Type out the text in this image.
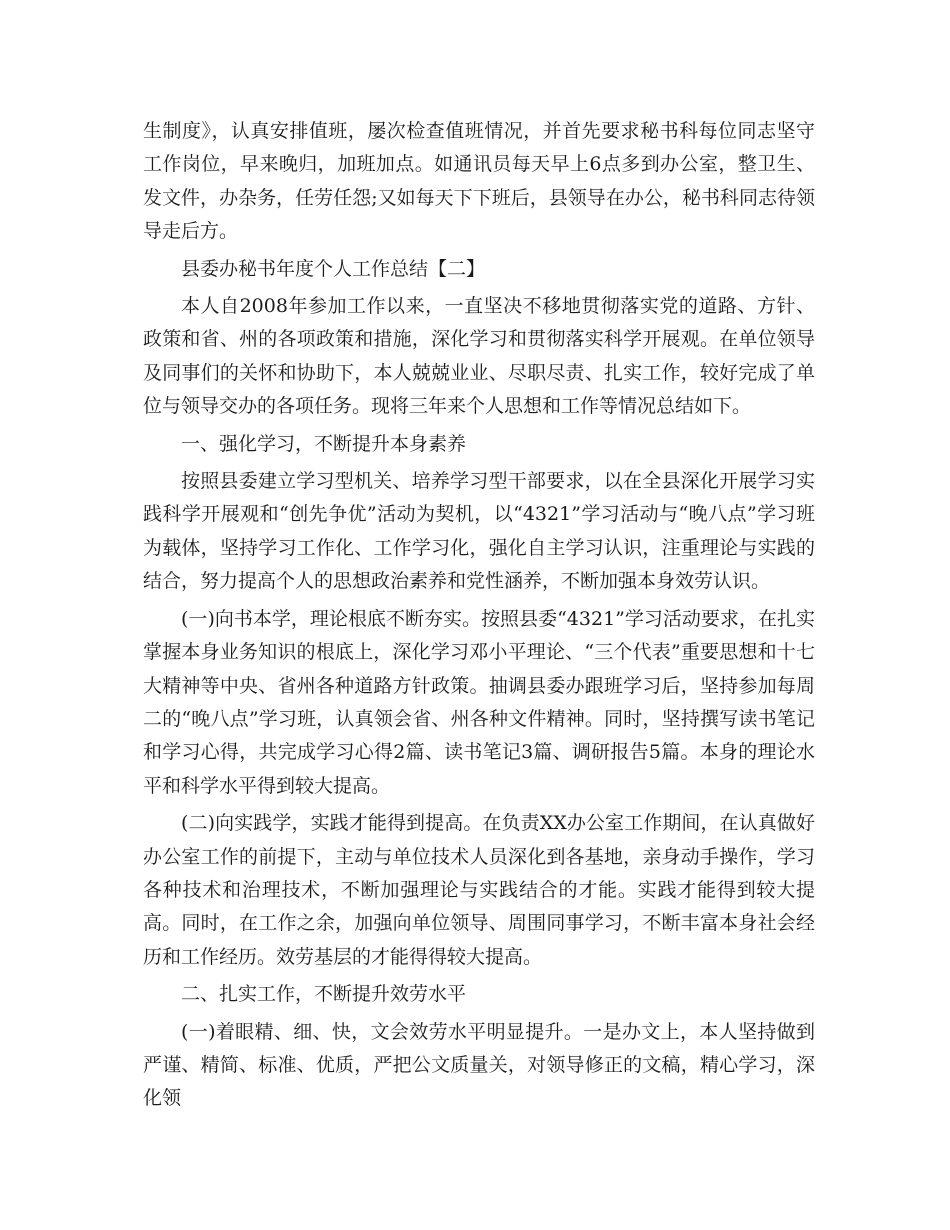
生制度》，认真安排值班，屡次检查值班情况，并首先要求秘书科每位同志坚守工作岗位，早来晚归，加班加点。如通讯员每天早上6点多到办公室，整卫生、发文件，办杂务，任劳任怨;又如每天下下班后，县领导在办公，秘书科同志待领导走后方。

县委办秘书年度个人工作总结【二】

本人自2008年参加工作以来，一直坚决不移地贯彻落实党的道路、方针、政策和省、州的各项政策和措施，深化学习和贯彻落实科学开展观。在单位领导及同事们的关怀和协助下，本人兢兢业业、尽职尽责、扎实工作，较好完成了单位与领导交办的各项任务。现将三年来个人思想和工作等情况总结如下。

一、强化学习，不断提升本身素养

按照县委建立学习型机关、培养学习型干部要求，以在全县深化开展学习实践科学开展观和“创先争优”活动为契机，以“4321”学习活动与“晚八点”学习班为载体，坚持学习工作化、工作学习化，强化自主学习认识，注重理论与实践的结合，努力提高个人的思想政治素养和党性涵养，不断加强本身效劳认识。

(一)向书本学，理论根底不断夯实。按照县委“4321”学习活动要求，在扎实掌握本身业务知识的根底上，深化学习邓小平理论、“三个代表”重要思想和十七大精神等中央、省州各种道路方针政策。抽调县委办跟班学习后，坚持参加每周二的“晚八点”学习班，认真领会省、州各种文件精神。同时，坚持撰写读书笔记和学习心得，共完成学习心得2篇、读书笔记3篇、调研报告5篇。本身的理论水平和科学水平得到较大提高。

(二)向实践学，实践才能得到提高。在负责XX办公室工作期间，在认真做好办公室工作的前提下，主动与单位技术人员深化到各基地，亲身动手操作，学习各种技术和治理技术，不断加强理论与实践结合的才能。实践才能得到较大提高。同时，在工作之余，加强向单位领导、周围同事学习，不断丰富本身社会经历和工作经历。效劳基层的才能得得较大提高。

二、扎实工作，不断提升效劳水平

(一)着眼精、细、快，文会效劳水平明显提升。一是办文上，本人坚持做到严谨、精简、标准、优质，严把公文质量关，对领导修正的文稿，精心学习，深化领
